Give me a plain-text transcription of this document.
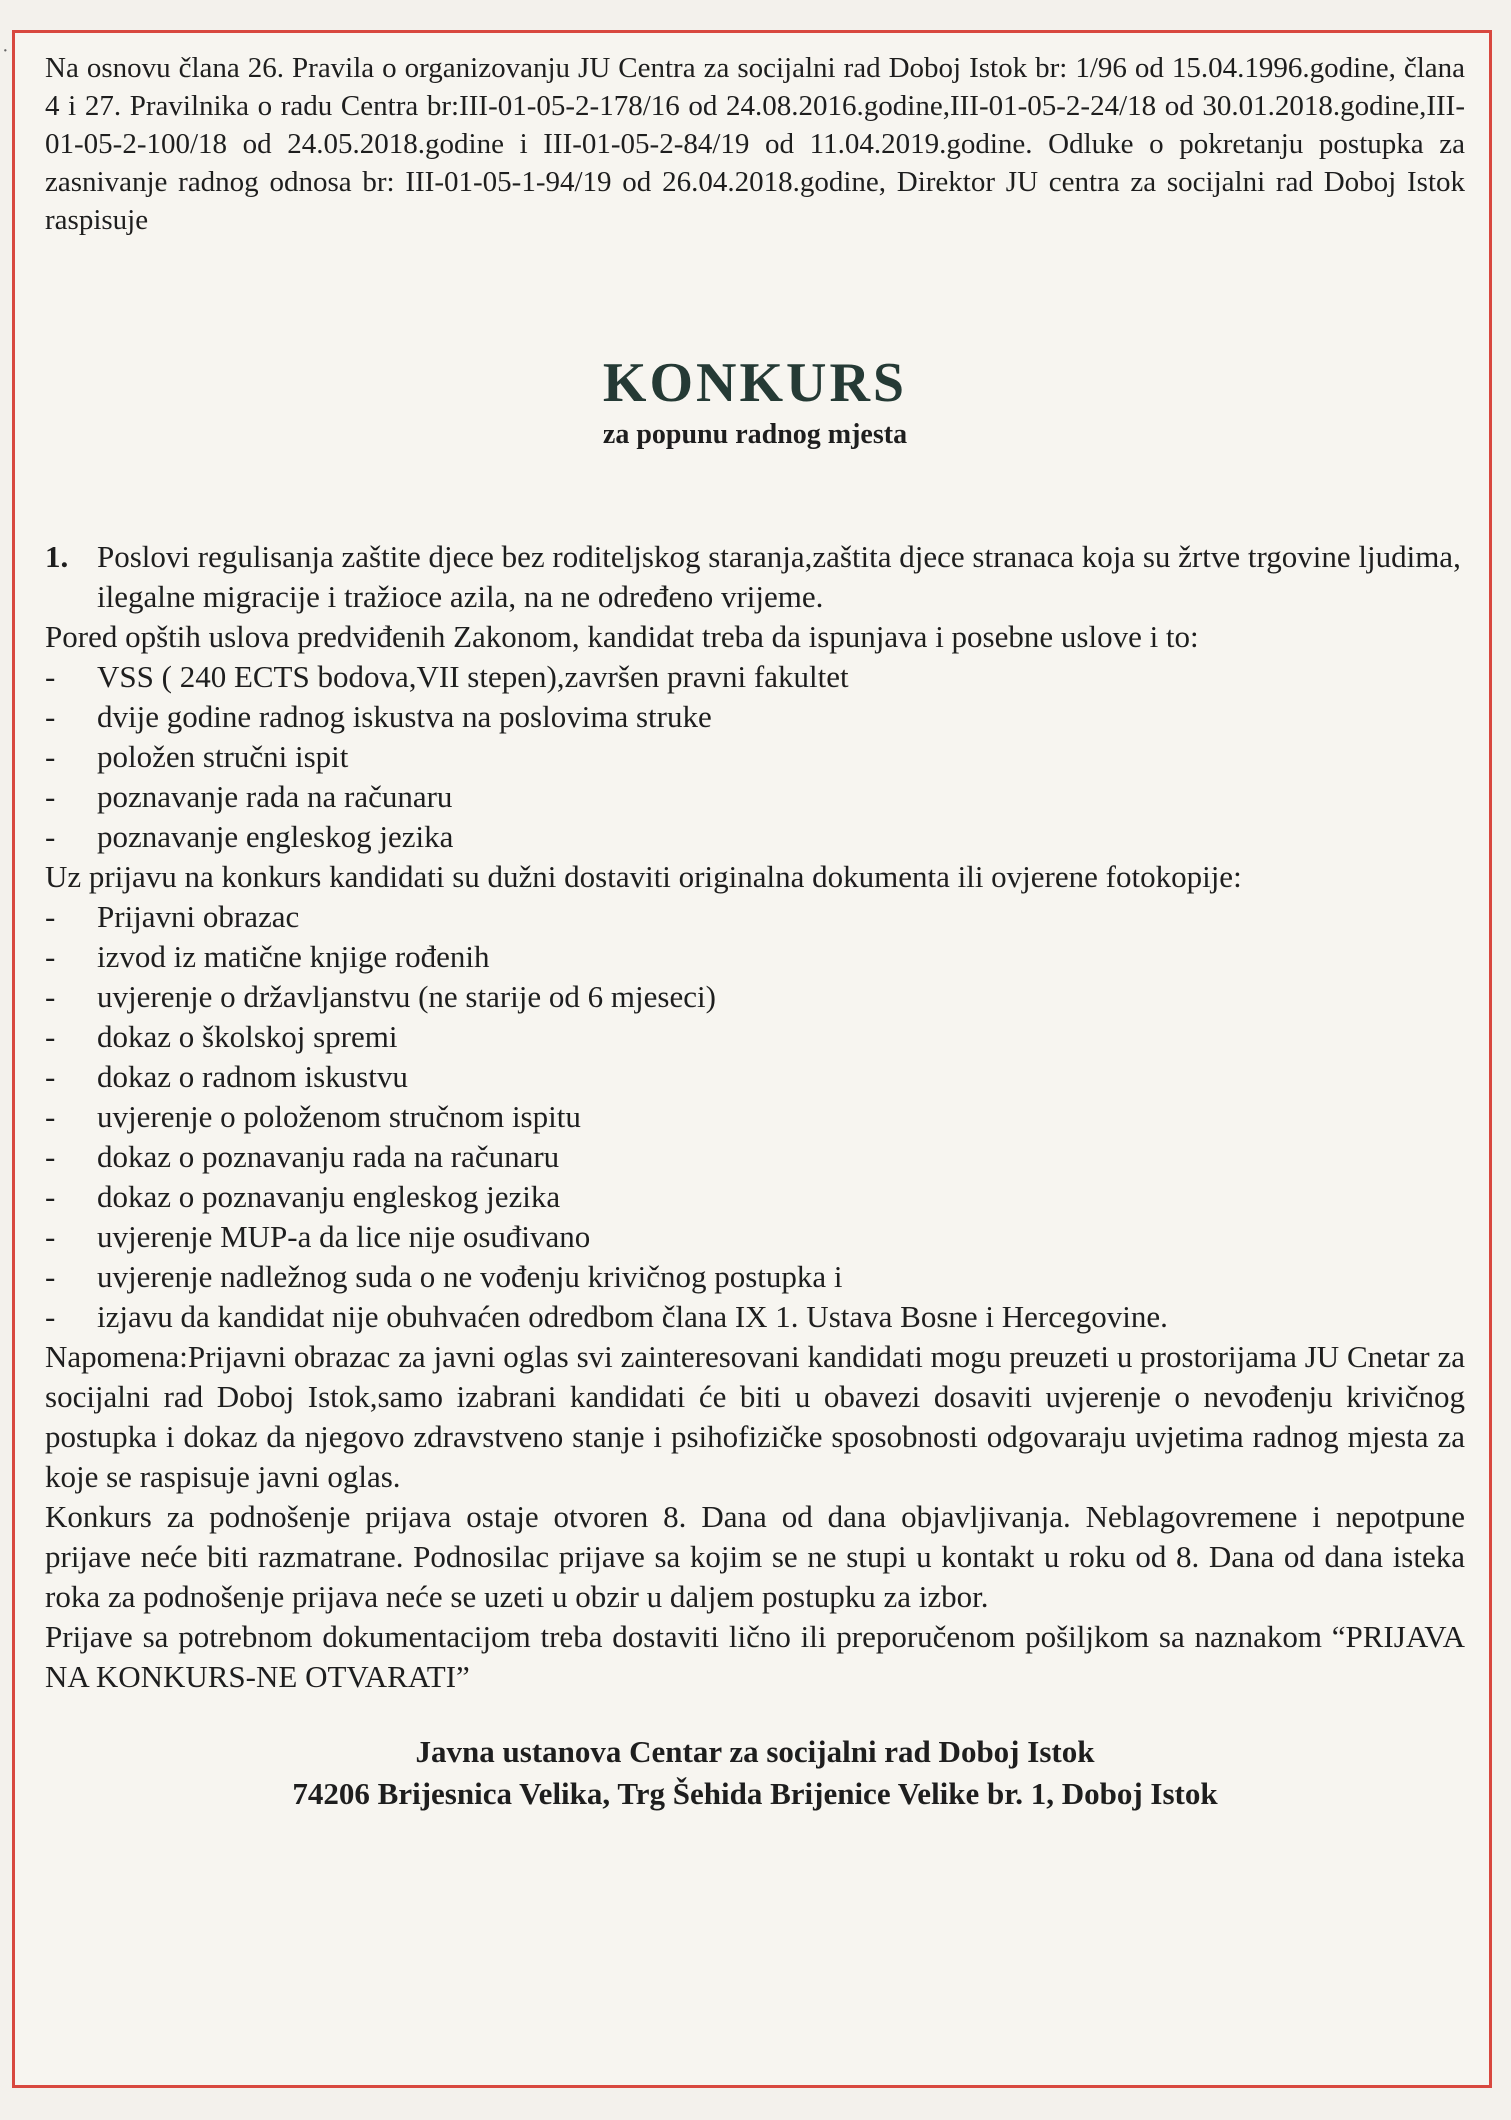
·

Na osnovu člana 26. Pravila o organizovanju JU Centra za socijalni rad Doboj Istok br: 1/96 od 15.04.1996.godine, člana 4 i 27. Pravilnika o radu Centra br:III-01-05-2-178/16 od 24.08.2016.godine,III-01-05-2-24/18 od 30.01.2018.godine,III-01-05-2-100/18 od 24.05.2018.godine i III-01-05-2-84/19 od 11.04.2019.godine. Odluke o pokretanju postupka za zasnivanje radnog odnosa br: III-01-05-1-94/19 od 26.04.2018.godine, Direktor JU centra za socijalni rad Doboj Istok raspisuje

KONKURS
za popunu radnog mjesta
1. Poslovi regulisanja zaštite djece bez roditeljskog staranja,zaštita djece stranaca koja su žrtve trgovine ljudima, ilegalne migracije i tražioce azila, na ne određeno vrijeme.

Pored opštih uslova predviđenih Zakonom, kandidat treba da ispunjava i posebne uslove i to:

-	VSS ( 240 ECTS bodova,VII stepen),završen pravni fakultet
-	dvije godine radnog iskustva na poslovima struke
-	položen stručni ispit
-	poznavanje rada na računaru
-	poznavanje engleskog jezika

Uz prijavu na konkurs kandidati su dužni dostaviti originalna dokumenta ili ovjerene fotokopije:

-	Prijavni obrazac
-	izvod iz matične knjige rođenih
-	uvjerenje o državljanstvu (ne starije od 6 mjeseci)
-	dokaz o školskoj spremi
-	dokaz o radnom iskustvu
-	uvjerenje o položenom stručnom ispitu
-	dokaz o poznavanju rada na računaru
-	dokaz o poznavanju engleskog jezika
-	uvjerenje MUP-a da lice nije osuđivano
-	uvjerenje nadležnog suda o ne vođenju krivičnog postupka i
-	izjavu da kandidat nije obuhvaćen odredbom člana IX 1. Ustava Bosne i Hercegovine.

Napomena:Prijavni obrazac za javni oglas svi zainteresovani kandidati mogu preuzeti u prostorijama JU Cnetar za socijalni rad Doboj Istok,samo izabrani kandidati će biti u obavezi dosaviti uvjerenje o nevođenju krivičnog postupka i dokaz da njegovo zdravstveno stanje i psihofizičke sposobnosti odgovaraju uvjetima radnog mjesta za koje se raspisuje javni oglas.

Konkurs za podnošenje prijava ostaje otvoren 8. Dana od dana objavljivanja. Neblagovremene i nepotpune prijave neće biti razmatrane. Podnosilac prijave sa kojim se ne stupi u kontakt u roku od 8. Dana od dana isteka roka za podnošenje prijava neće se uzeti u obzir u daljem postupku za izbor.

Prijave sa potrebnom dokumentacijom treba dostaviti lično ili preporučenom pošiljkom sa naznakom “PRIJAVA NA KONKURS-NE OTVARATI”

Javna ustanova Centar za socijalni rad Doboj Istok
74206 Brijesnica Velika, Trg Šehida Brijenice Velike br. 1, Doboj Istok
